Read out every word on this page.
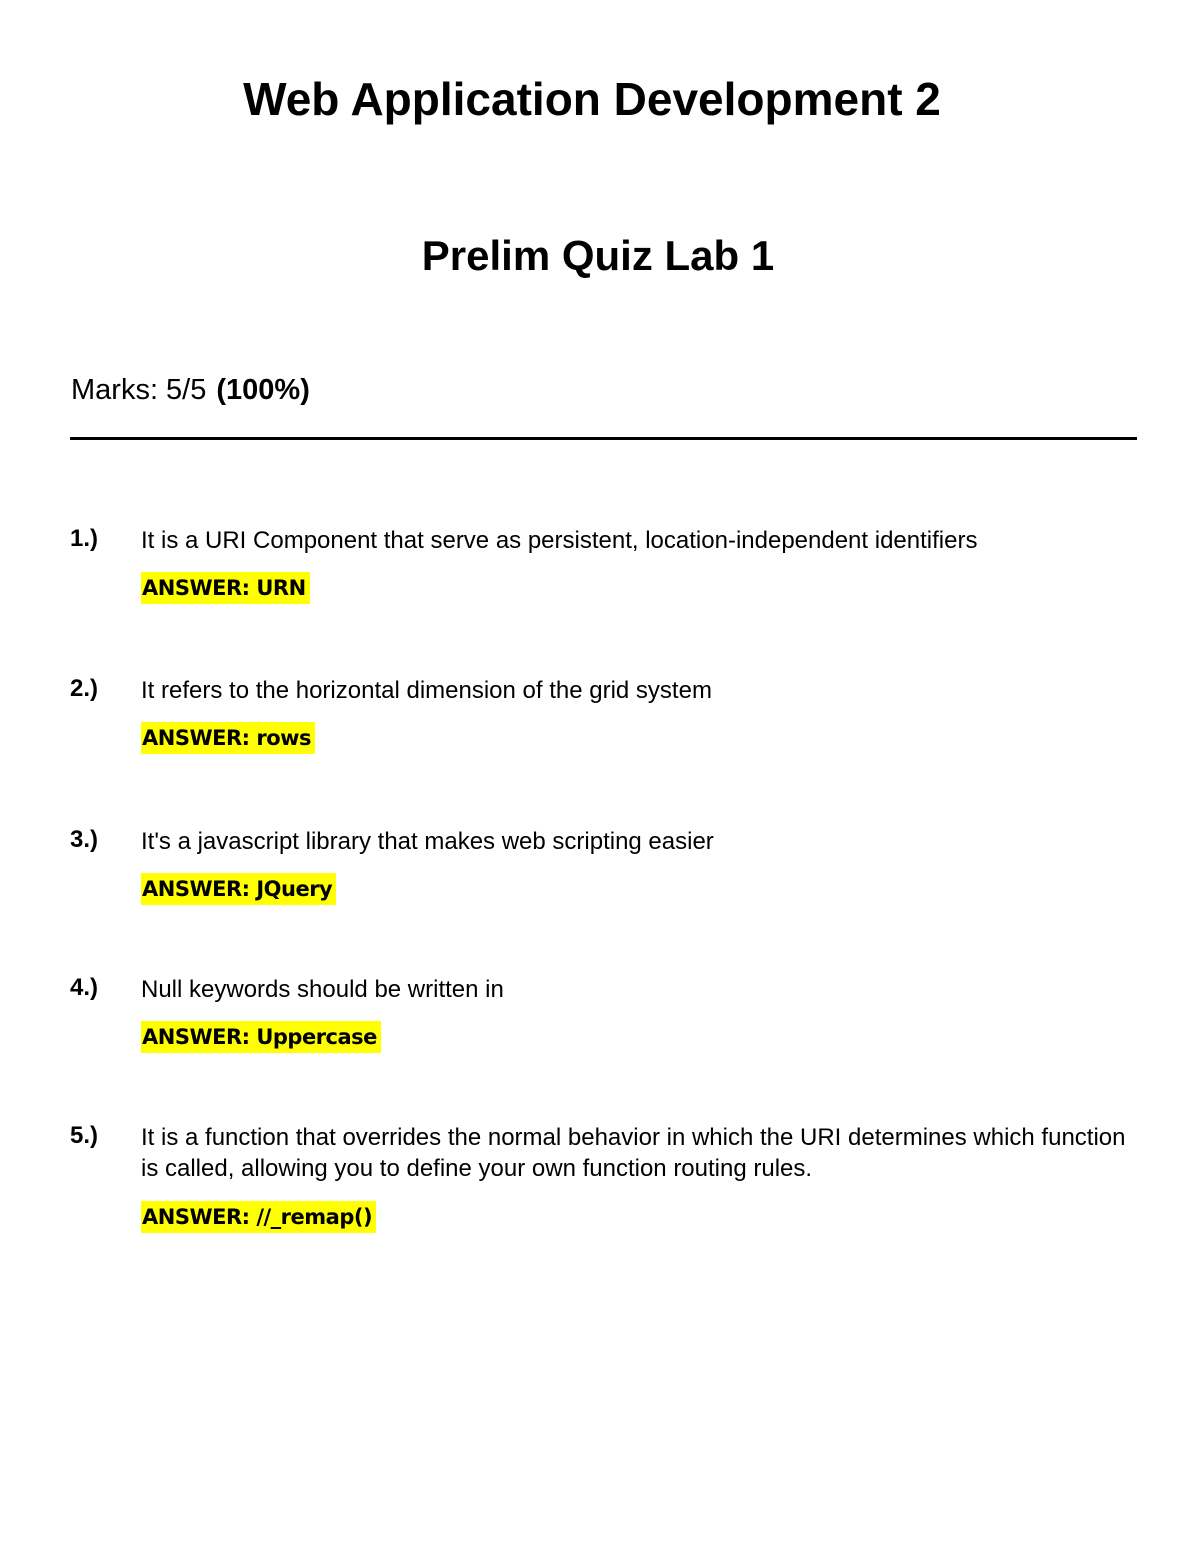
Web Application Development 2
Prelim Quiz Lab 1
Marks: 5/5 (100%)
1.) It is a URI Component that serve as persistent, location-independent identifiers
ANSWER: URN
2.) It refers to the horizontal dimension of the grid system
ANSWER: rows
3.) It's a javascript library that makes web scripting easier
ANSWER: JQuery
4.) Null keywords should be written in
ANSWER: Uppercase
5.) It is a function that overrides the normal behavior in which the URI determines which function is called, allowing you to define your own function routing rules.
ANSWER: //_remap()
